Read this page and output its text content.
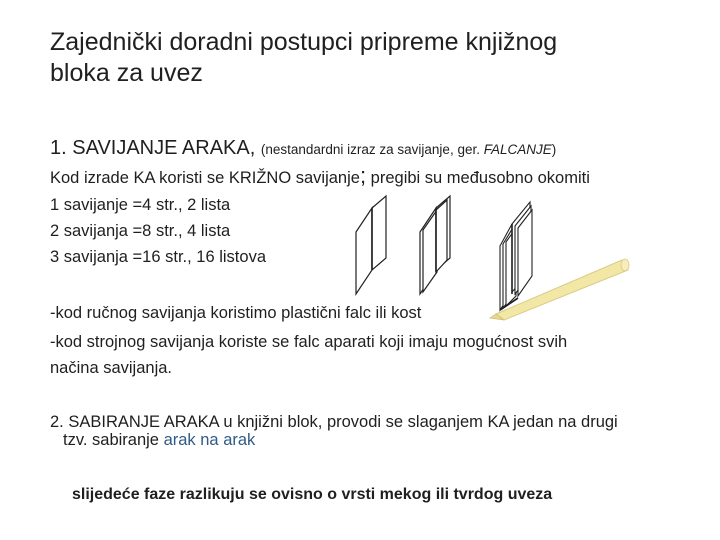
Zajednički doradni postupci pripreme knjižnog
bloka za uvez
1. SAVIJANJE ARAKA, (nestandardni izraz za savijanje, ger. FALCANJE)
Kod izrade KA koristi se KRIŽNO savijanje; pregibi su međusobno okomiti
1 savijanje =4 str., 2 lista
2 savijanja =8 str., 4 lista
3 savijanja =16 str., 16 listova
-kod ručnog savijanja koristimo plastični falc ili kost
-kod strojnog savijanja koriste se falc aparati koji imaju mogućnost svih
načina savijanja.
2. SABIRANJE ARAKA u knjižni blok, provodi se slaganjem KA jedan na drugi
tzv. sabiranje arak na arak
slijedeće faze razlikuju se ovisno o vrsti mekog ili tvrdog uveza
